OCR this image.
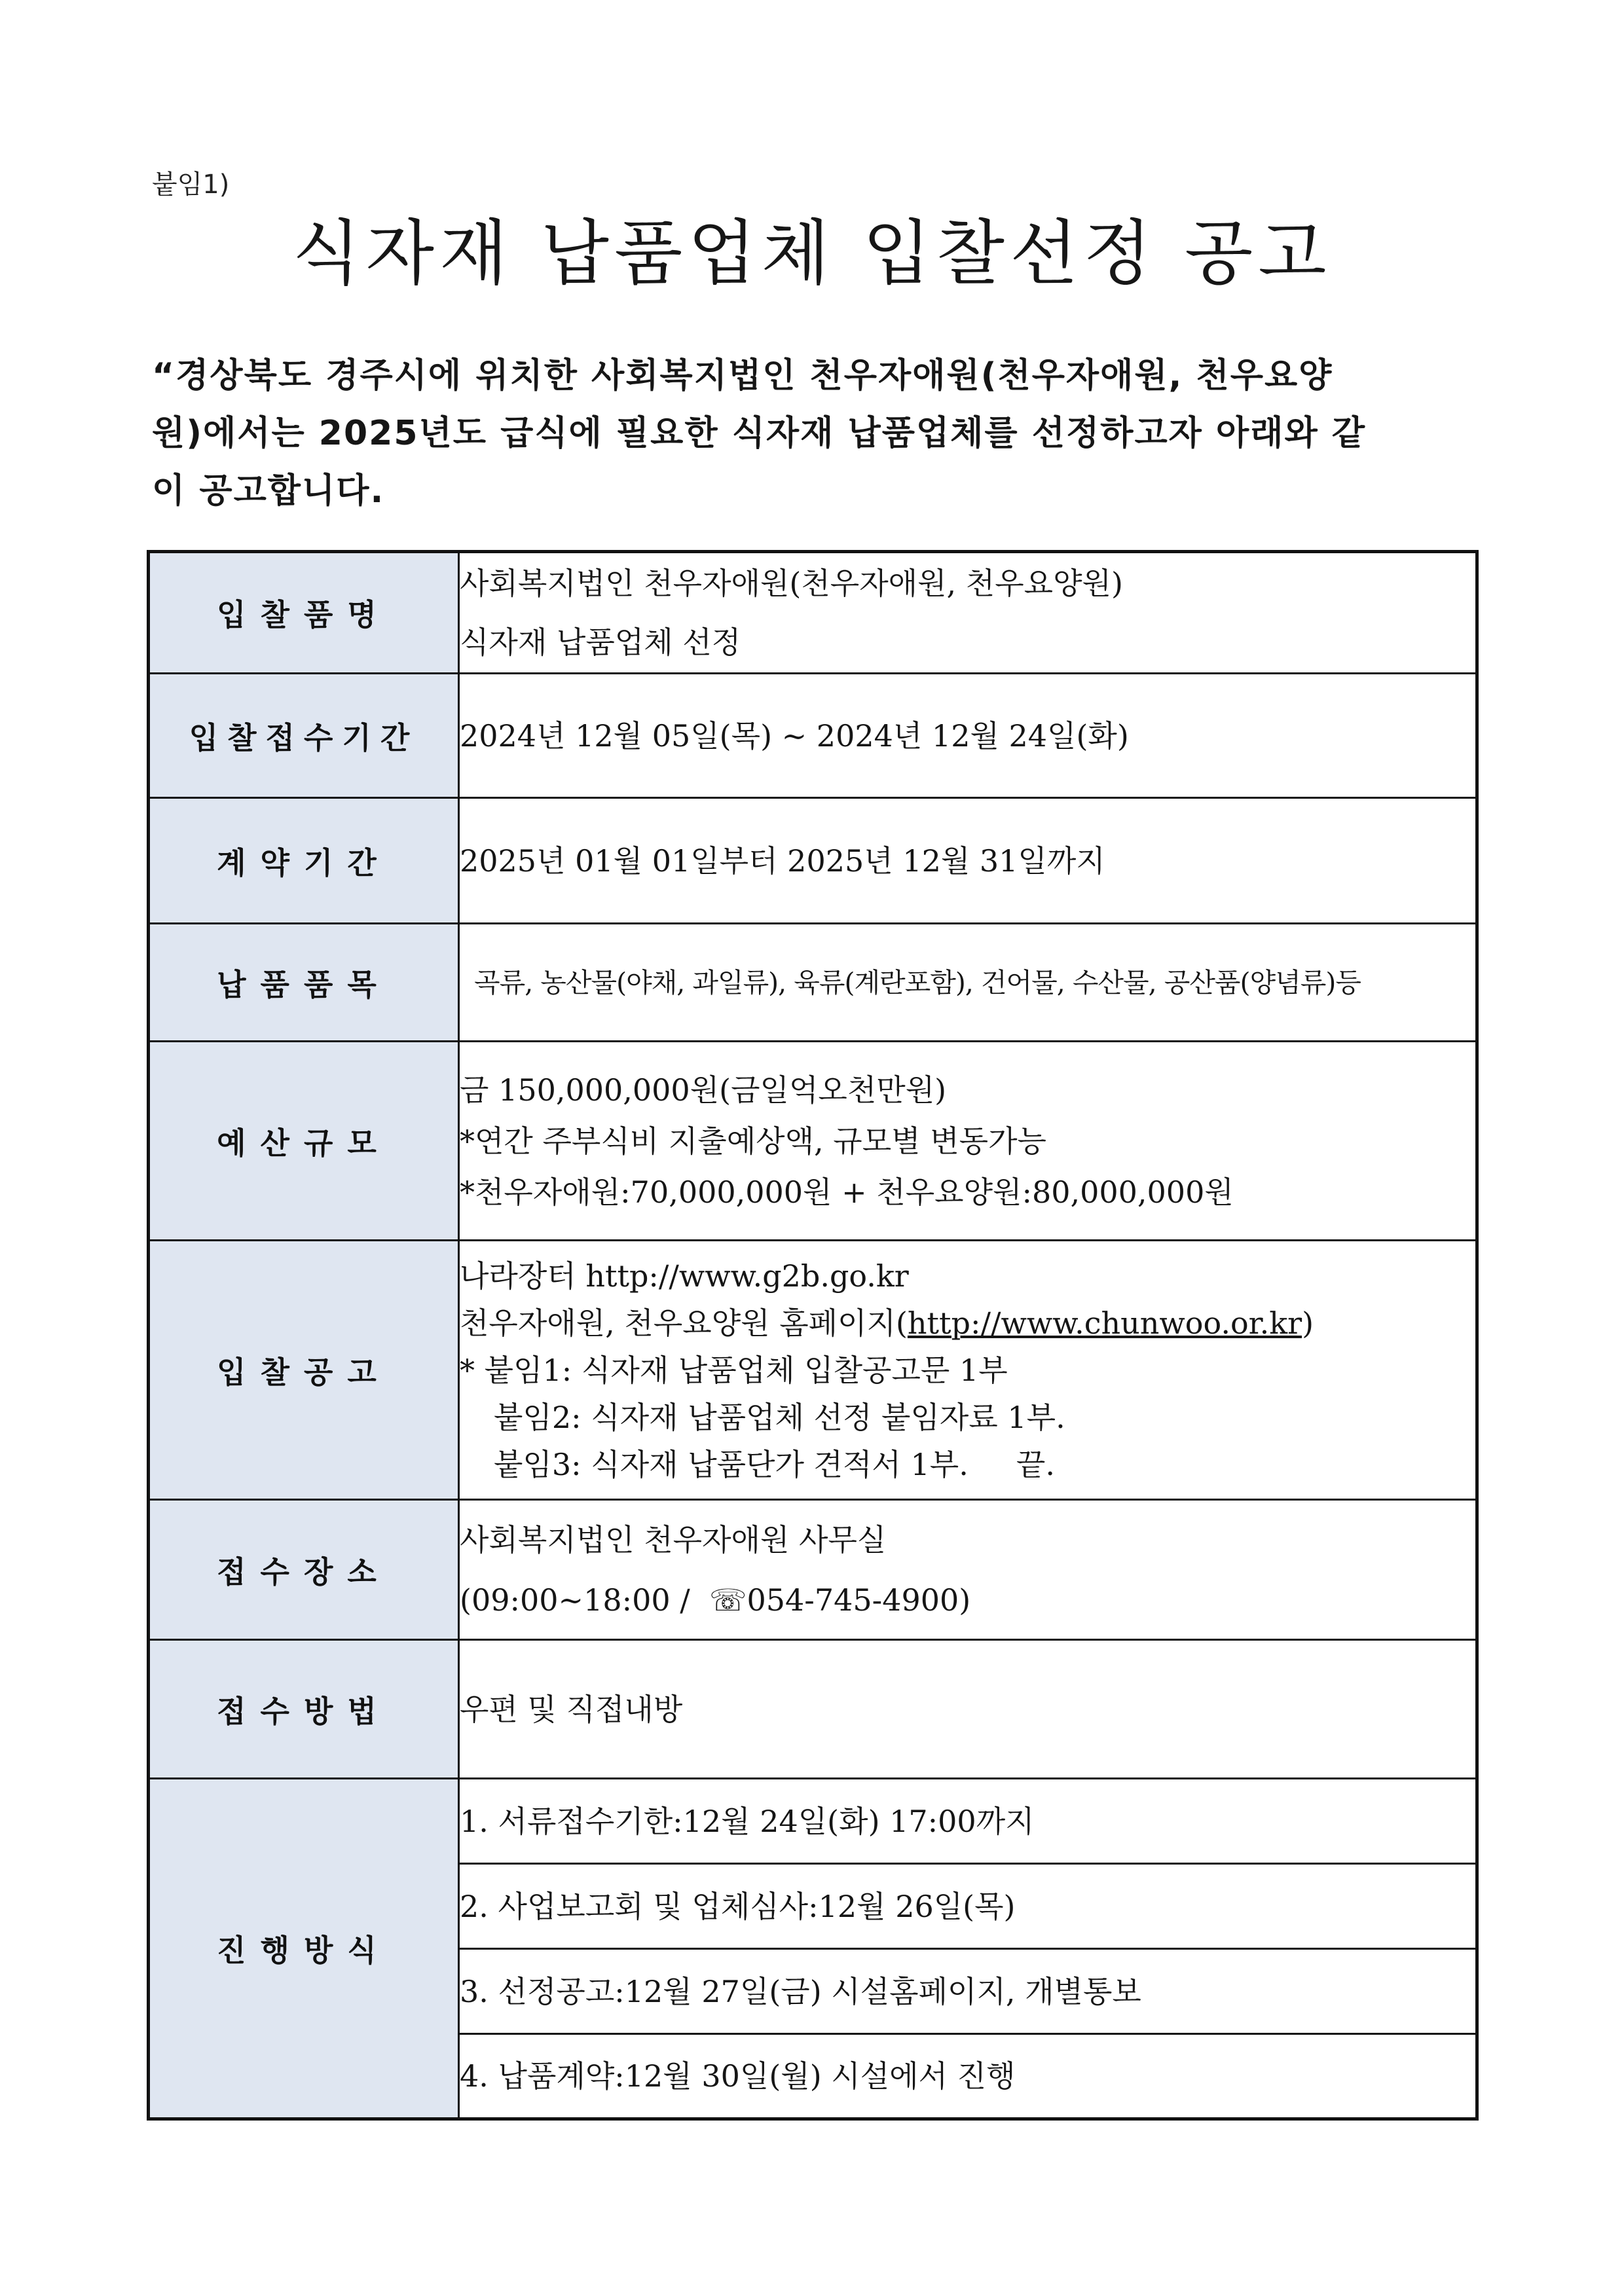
붙임1)
식자재 납품업체 입찰선정 공고
“경상북도 경주시에 위치한 사회복지법인 천우자애원(천우자애원, 천우요양
원)에서는 2025년도 급식에 필요한 식자재 납품업체를 선정하고자 아래와 같
이 공고합니다.
입찰품명	사회복지법인 천우자애원(천우자애원, 천우요양원)
식자재 납품업체 선정

입찰접수기간	2024년 12월 05일(목) ~ 2024년 12월 24일(화)
계약기간	2025년 01월 01일부터 2025년 12월 31일까지
납품품목	곡류, 농산물(야채, 과일류), 육류(계란포함), 건어물, 수산물, 공산품(양념류)등
예산규모	금 150,000,000원(금일억오천만원)
*연간 주부식비 지출예상액, 규모별 변동가능
*천우자애원:70,000,000원 + 천우요양원:80,000,000원

입찰공고	나라장터 http://www.g2b.go.kr
천우자애원, 천우요양원 홈페이지(http://www.chunwoo.or.kr)
* 붙임1: 식자재 납품업체 입찰공고문 1부
붙임2: 식자재 납품업체 선정 붙임자료 1부.
붙임3: 식자재 납품단가 견적서 1부.     끝.

접수장소	사회복지법인 천우자애원 사무실
(09:00~18:00 /  ☏054-745-4900)

접수방법	우편 및 직접내방
진행방식	1. 서류접수기한:12월 24일(화) 17:00까지
	2. 사업보고회 및 업체심사:12월 26일(목)
	3. 선정공고:12월 27일(금) 시설홈페이지, 개별통보
	4. 납품계약:12월 30일(월) 시설에서 진행
